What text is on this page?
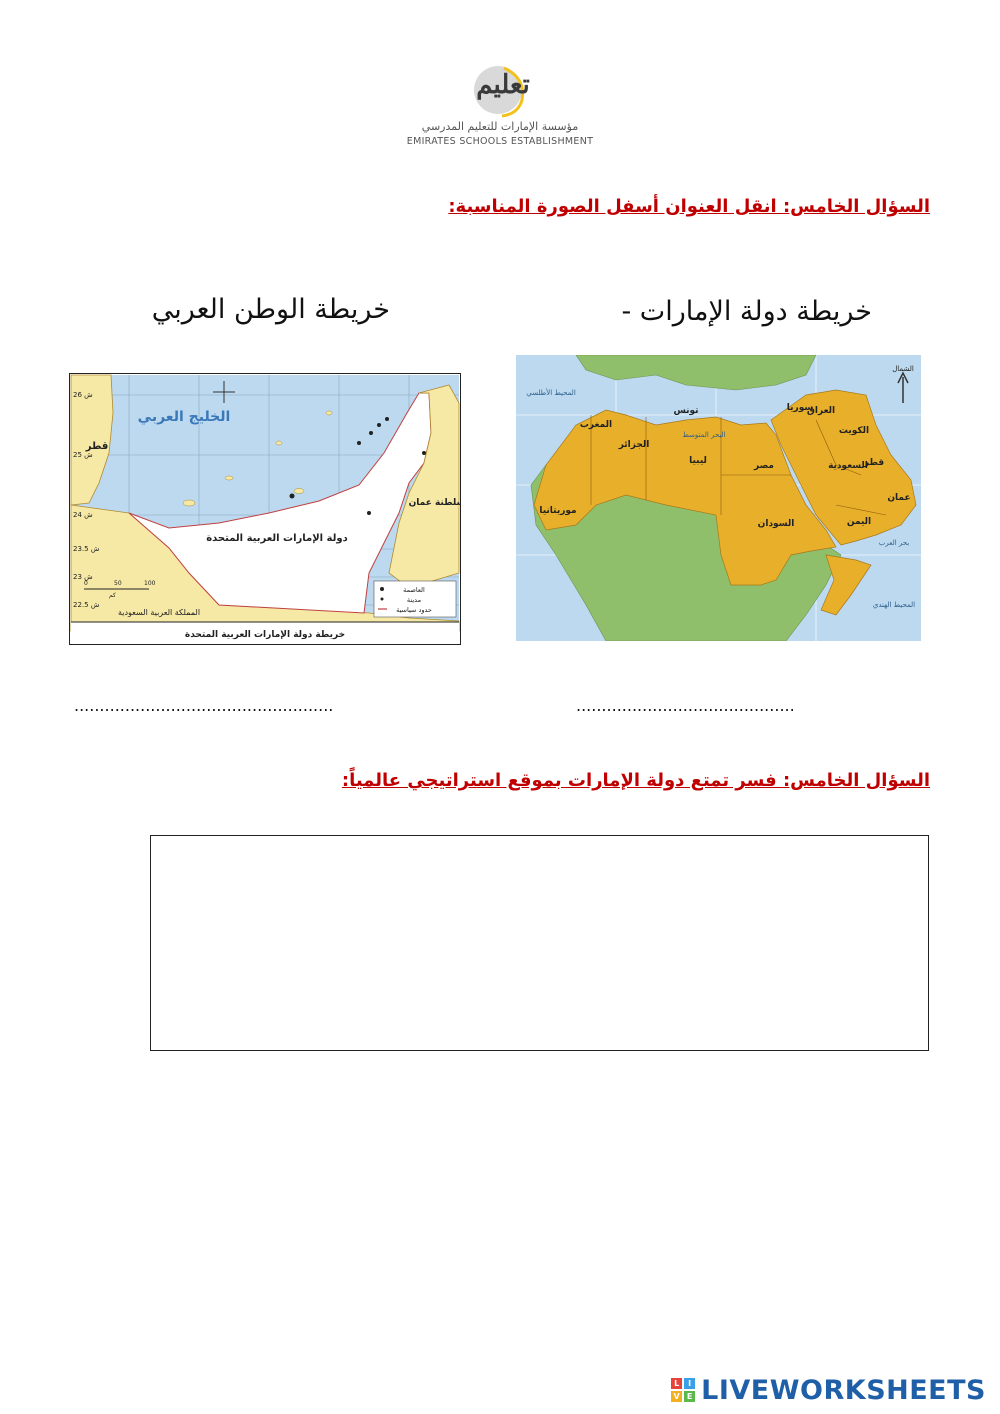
تعليم
مؤسسة الإمارات للتعليم المدرسي
EMIRATES SCHOOLS ESTABLISHMENT
السؤال الخامس: انقل العنوان أسفل الصورة المناسبة:
خريطة الوطن العربي	خريطة دولة الإمارات -
الخليج العربي
دولة الإمارات العربية المتحدة
قطر
سلطنة عمان
المملكة العربية السعودية
26 ش
25 ش
24 ش
23.5 ش
23 ش
22.5 ش
0	50	100
كم
العاصمة
مدينة
حدود سياسية
خريطة دولة الإمارات العربية المتحدة
الشمال
المغرب
تونس
الجزائر
ليبيا	مصر
موريتانيا
السودان
السعودية
العراق
سوريا
اليمن
عمان
الكويت
قطر
البحر المتوسط
المحيط الأطلسي
بحر العرب
المحيط الهندي
...................................................	...........................................
السؤال الخامس: فسر تمتع دولة الإمارات بموقع استراتيجي عالمياً:
L	I
V E LIVEWORKSHEETS
